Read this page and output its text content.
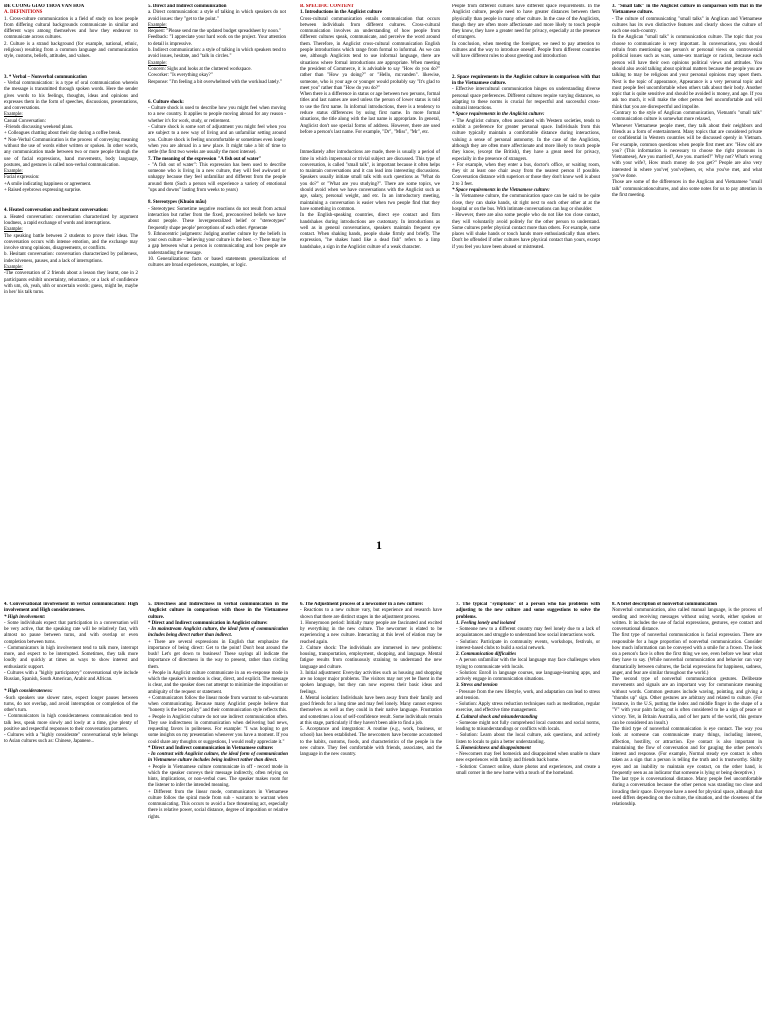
ĐỀ CƯƠNG GIAO THOA VĂN HÓA

A. DEFINITIONS

1. Cross-culture communication is a field of study on how people from differing cultural backgrounds communicate in similar and different ways among themselves and how they endeavor to communicate across cultures.

2. Culture is a strand background (for example, national, ethnic, religious) resulting from a common language and communication style, customs, beliefs, attitudes, and values.

3. * Verbal – Nonverbal communication

- Verbal communication: is a type of oral communication wherein the message is transmitted through spoken words. Here the sender gives words to his feelings, thoughts, ideas and opinions and expresses them in the form of speeches, discussions, presentations, and conversations.

Example:

Casual Conversation:

-Friends discussing weekend plans.

+ Colleagues chatting about their day during a coffee break.

* Non-Verbal Communication is the process of conveying meaning without the use of words either written or spoken. In other words, any communication made between two or more people through the use of facial expressions, hand movements, body language, postures, and gestures is called non-verbal communication.

Example:

Facial expression:

+A smile indicating happiness or agreement.

+ Raised eyebrows expressing surprise.

4. Heated conversation and hesitant conversation:

a. Heated conversation: conversation characterized by argument loudness, a rapid exchange of words and interruptions.

Example:

The speaking battle between 2 students to prove their ideas. The conversation occurs with intense emotion, and the exchange may involve strong opinions, disagreements, or conflicts.

b. Hesitant conversation: conversation characterized by politeness, indecisiveness, pauses, and a lack of interruptions.

Example:

-The conversation of 2 friends about a lesson they learnt, one in 2 participants exhibit uncertainty, reluctance, or a lack of confidence with um, oh, yeah, uhh or uncertain words: guess, might be, maybe in her/ his talk turns.

5. Direct and Indirect communication

a. Direct communication: a style of talking in which speakers do not avoid issues: they "get to the point."

Example:

Request: "Please send me the updated budget spreadsheet by noon."

Feedback: "I appreciate your hard work on the project. Your attention to detail is impressive.

b. Indirect communication: a style of talking in which speakers tend to avoid issues, hesitate, and "talk in circles."

Example:

Concern: Sighs and looks at the cluttered workspace.

Coworker: "Is everything okay?"

Response: "I'm feeling a bit overwhelmed with the workload lately."

6. Culture shock:

- Culture shock is used to describe how you might feel when moving to a new country. It applies to people moving abroad for any reason - whether it's for work, study, or retirement.

- Culture shock is some sort of adjustment you might feel when you are subject to a new way of living and an unfamiliar setting around you. Culture shock is feeling uncomfortable or sometimes even lonely when you are abroad in a new place. It might take a bit of time to settle (the first two weeks are usually the most intense).

7. The meaning of the expression "A fish out of water"

- "A fish out of water": This expression has been used to describe someone who is living in a new culture, they will feel awkward or unhappy because they feel unfamiliar and different from the people around them (Such a person will experience a variety of emotional "ups and downs" lasting from weeks to years)

8. Stereotypes (Khuôn mẫu)

- Stereotypes: Sometime negative reactions do not result from actual interaction but rather from the fixed, preconceived beliefs we have about people. These lovergeneralized belief or "stereotypes" frequently shape people' perceptions of each other. #generate

9. Ethnocentric judgments: Judging another culture by the beliefs in your own culture – believing your culture is the best. -> There may be a gap between what a person is communicating and how people are understanding the message.

10. Generalizations: facts or based statements generalizations of cultures are broad experiences, examples, or logic.

B. SPECIFIC CONTENT

1. Introductions in the Anglicist culture

Cross-cultural communication entails communication that occurs between individuals from different cultures. Cross-cultural communication involves an understanding of how people from different cultures speak, communicate, and perceive the word around them. Therefore, in Anglicist cross-cultural communication English people introductions which range from formal to informal. As we can see, although Anglicists tend to use informal language, there are situations where formal introductions are appropriate. When meeting the president of Commerce, it is advisable to say "How do you do?" rather than "How ya doing?" or "Hello, mr.vanden". likewise, someone, who is your age or younger would probably say "It's glad to meet you" rather than "How do you do?"

When there is a difference in status or age between two persons, formal titles and last names are used unless the person of lower status is told to use the first name. In informal introductions, there is a tendency to reduce status differences by using first name. In more formal situations, the title along with the last name is appropriate. In general, Anglicist don't use special forms of address. However, there are used before a person's last name. For example, "Dr", "Miss", "Mr", etc.

Immediately after introductions are made, there is usually a period of time in which impersonal or trivial subject are discussed. This type of conversation, is called "small talk", is important because it often helps to maintain conversations and it can lead into interesting discussions. Speakers usually initiate small talk with such questions as "What do you do?" or "What are you studying?". There are some topics, we should avoid when we have conversations with the Anglicist such as age, salary, personal weight, and etc. In an introductory meeting, maintaining a conversation is easier when two people find that they have something in common.

In the English-speaking countries, direct eye contact and firm handshakes during introductions are customary. In introductions as well as in general conversations, speakers maintain frequent eye contact. When shaking hands, people shake firmly and briefly. The expression, "he shakes hand like a dead fish" refers to a limp handshake, a sign in the Anglicist culture of a weak character.

People from different cultures have different space requirements. In the Anglicist culture, people need to have greater distances between them physically than people in many other culture. In the case of the Anglicists, though they are often more affectionate and more likely to touch people they know, they have a greater need for privacy, especially at the presence of strangers.

In conclusion, when meeting the foreigner, we need to pay attention to cultures and the way to introduce oneself. People from different countries will have different rules to about greeting and introduction

2. Space requirements in the Anglicist culture in comparison with that in the Vietnamese culture.

- Effective intercultural communication hinges on understanding diverse personal space preferences. Different cultures require varying distances, so adapting to these norms is crucial for respectful and successful cross-cultural interactions.

* Space requirements in the Anglicist culture:

+ The Anglicist culture, often associated with Western societies, tends to exhibit a preference for greater personal space. Individuals from this culture typically maintain a comfortable distance during interactions, valuing a sense of personal autonomy. In the case of the Anglicists, although they are often more affectionate and more likely to touch people they know, (except the British), they have a great need for privacy, especially in the presence of strangers.

+ For example, when they enter a bus, doctor's office, or waiting room, they sit at least one chair away from the nearest person if possible. Conversation distance with superiors or those they don't know well is about 2 to 3 feet.

* Space requirements in the Vietnamese culture:

- In Vietnamese culture, the communication space can be said to be quite close, they can shake hands, sit right next to each other other at at the hospital or on the bus. With intimate conversations can hug or shoulder.

- However, there are also some people who do not like too close contact, they will voluntarily avoid politely for the other person to understand. Some cultures prefer physical contact more than others. For example, some places will shake hands or touch hands more enthusiastically than others. Don't be offended if other cultures have physical contact than yours, except if you feel you have been abused or mistreated.

3. "Small talk" in the Anglicist culture in comparison with that in the Vietnamese culture.

- The culture of communicating "small talks" in Anglican and Vietnamese cultures has its own distinctive features and clearly shows the culture of each one each-country.

In the Anglican "small talk" is communication culture. The topic that you choose to communicate is very important. In conversations, you should refrain from mentioning one person's or personal views on controversial political issues such as wars, same-sex marriage or racism, because each person will have their own opinions political views and attitudes. You should also avoid talking about spiritual matters because the people you are talking to may be religious and your personal opinions may upset them. Next is the topic of appearance, Appearance is a very personal topic and most people feel uncomfortable when others talk about their body. Another topic that is quite sensitive and should be avoided is money, and age. If you ask too much, it will make the other person feel uncomfortable and will think that you are disrespectful and impolite.

-Contrary to the style of Anglican communication, Vietnam's "small talk" communication culture is somewhat more relaxed,

Whenever Vietnamese people meet, they talk about their neighbors and friends as a form of entertainment. Many topics that are considered private or confidential in Western countries will be discussed openly in Vietnam. For example, common questions when people first meet are: "How old are you? (This information is necessary to choose the right pronouns in Vietnamese), Are you married?, Are you. married?" Why not? What's wrong with your wife?, How much money do you get?" People are also very interested in where you've( you've)been, er, who you've met, and what you've done.

Those are some of the differences in the Anglican and Vietnamese "small talk" communicationcultures, and also some notes for us to pay attention in the first meeting.

1

4. Conversational involvement in verbal communication: High involvement and High considerateness.

* High involvement:

- Some individuals expect that participation in a conversation will be very active, that the speaking rate will be relatively fast, with almost no pause between turns, and with overlap or even completion between turns.

- Communicators in high involvement tend to talk more, interrupt more, and expect to be interrupted. Sometimes, they talk more loudly and quickly at times as ways to show interest and enthusiastic support.

- Cultures with a "highly participatory" conversational style include Russian, Spanish, South American, Arabic and African.

* High considerateness:

-Such speakers use slower rates, expect longer pauses between turns, do not overlap, and avoid interruption or completion of the other's turn.

- Communicators in high considerateness communication tend to talk less, speak more slowly and lowly at a time, give plenty of positive and respectful responses to their conversation partners.

- Cultures with a "highly considerate" conversational style belongs to Asian cultures such as: Chinese, Japanese...

5. Directness and Indirectness in verbal communication in the Anglicist culture in comparison with those in the Vietnamese culture.

* Direct and Indirect communication in Anglicist culture:

- In mainstream Anglicist culture, the ideal form of communication includes being direct rather than indirect.

+ There are several expressions in English that emphasize the importance of being direct: Get to the point! Don't beat around the bush! Let's get down to business! These sayings all indicate the importance of directness in the way to present, rather than circling them.

+ People in Anglicist culture communicate in an ex-response mode in which the speaker's intention is clear, direct, and explicit. The message is clear, and the speaker does not attempt to minimize the imposition or ambiguity of the request or statement.

+ Communicators follow the linear mode from warrant to sub-warrants when communicating. Because many Anglicist people believe that "honesty is the best policy" and their communication style reflects this.

+ People in Anglicist culture do not use indirect communication often. They use indirectness in communication when delivering bad news, requesting favors in politeness. For example: "I was hoping to get some insights on my presentation whenever you have a moment. If you could share any thoughts or suggestions, I would really appreciate it."

* Direct and Indirect communication in Vietnamese culture:

- In contrast with Anglicist culture, the ideal form of communication in Vietnamese culture includes being indirect rather than direct.

+ People in Vietnamese culture communicate in off - record mode in which the speaker conveys their message indirectly, often relying on hints, implications, or non-verbal cues. The speaker makes room for the listener to infer the intended meaning.

+ Different from the linear mode, communicators in Vietnamese culture follow the spiral mode from sub - warrants to warrant when communicating. This occurs to avoid a face threatening act, especially there is relative power, social distance, degree of imposition or relative rights.

6. The Adjustment process of a newcomer in a new culture:

- Reactions to a new culture vary, but experience and research have shown that there are distinct stages in the adjustment process.

1. Honeymoon period: Initially many people are fascinated and excited by everything in the new culture. The newcomer is elated to be experiencing a new culture. Interacting at this level of elation may be reached again.

2. Culture shock: The individuals are immersed in new problems: housing, transportation, employment, shopping, and language. Mental fatigue results from continuously straining to understand the new language and culture.

3. Initial adjustment: Everyday activities such as housing and shopping are no longer major problems. The visitors may not yet be fluent in the spoken language, but they can now express their basic ideas and feelings.

4. Mental isolation: Individuals have been away from their family and good friends for a long time and may feel lonely. Many cannot express themselves as well as they could in their native language. Frustration and sometimes a loss of self-confidence result. Some individuals remain at this stage, particularly if they haven't been able to find a job.

5. Acceptance and integration: A routine (e.g., work, business, or school) has been established. The newcomers have become accustomed to the habits, customs, foods, and characteristics of the people in the new culture. They feel comfortable with friends, associates, and the language in the new country.

7. The typical "symptoms" of a person who has problems with adjusting to the new culture and some suggestions to solve the problems.

1. Feeling lonely and isolated

- Someone new to a different country may feel lonely due to a lack of acquaintances and struggle to understand how social interactions work.

- Solution: Participate in community events, workshops, festivals, or interest-based clubs to build a social network.

2. Communication difficulties

- A person unfamiliar with the local language may face challenges when trying to communicate with locals.

- Solution: Enroll in language courses, use language-learning apps, and actively engage in communication situations.

3. Stress and tension

- Pressure from the new lifestyle, work, and adaptation can lead to stress and tension.

- Solution: Apply stress reduction techniques such as meditation, regular exercise, and effective time management.

4. Cultural shock and misunderstanding

- Someone might not fully comprehend local customs and social norms, leading to misunderstandings or conflicts with locals.

- Solution: Learn about the local culture, ask questions, and actively listen to locals to gain a better understanding.

5. Homesickness and disappointment

- Newcomers may feel homesick and disappointed when unable to share new experiences with family and friends back home.

- Solution: Connect online, share photos and experiences, and create a small corner in the new home with a touch of the homeland.

8. A brief description of nonverbal communication

Nonverbal communication, also called manual language, is the process of sending and receiving messages without using words, either spoken or written. It includes the use of facial expressions, gestures, eye contact and conversational distance.

The first type of nonverbal communication is facial expression. There are responsible for a huge proportion of nonverbal communication. Consider how much information can be conveyed with a smile for a frown. The look on a person's face is often the first thing we see, even before we hear what they have to say. (While nonverbal communication and behavior can vary dramatically between cultures, the facial expressions for happiness, sadness, anger, and fear are similar throughout the world.)

The second type of nonverbal communication gestures. Deliberate movements and signals are an important way for communicate meaning without words. Common gestures include waving, pointing, and giving a "thumbs up" sign. Other gestures are arbitrary and related to culture. (For instance, in the U.S, putting the index and middle finger in the shape of a "V" with your palm facing out is often considered to be a sign of peace or victory. Yet, in Britain Australia, and of her parts of the world, this gesture can be considered an insult.)

The third type of nonverbal communication is eye contact. The way you look at someone can communicate many things, including interest, affection, hostility, or attraction. Eye contact is also important in maintaining the flow of conversation and for gauging the other person's interest and response. (For example, Normal steady eye contact is often taken as a sign that a person is telling the truth and is trustworthy. Shifty eyes and an inability to maintain eye contact, on the other hand, is frequently seen as an indicator that someone is lying or being deceptive.)

The last type is conversational distance. Many people feel uncomfortable during a conversation because the other person was standing too close and invading their space. Everyone have a need for physical space, although that need differs depending on the culture, the situation, and the closeness of the relationship.
